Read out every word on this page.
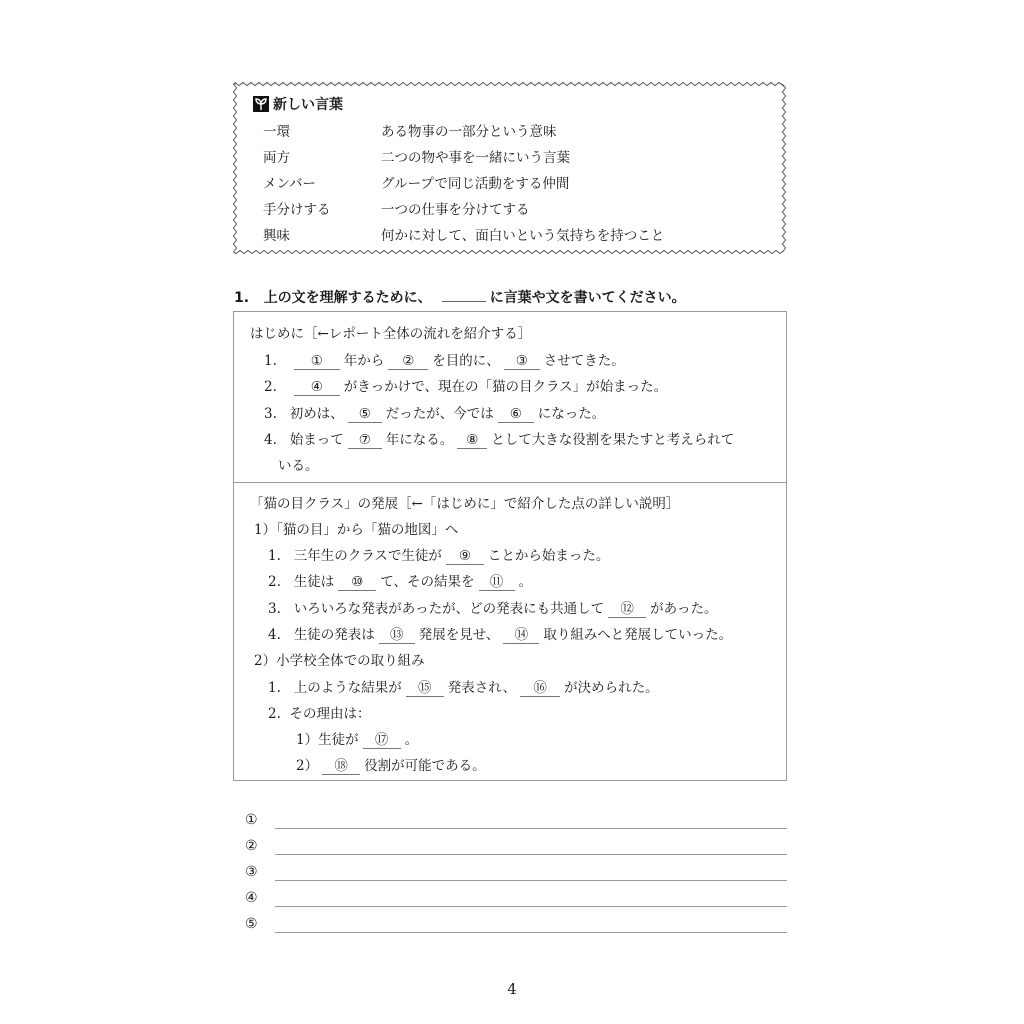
新しい言葉
一環	ある物事の一部分という意味
両方	二つの物や事を一緒にいう言葉
メンバー	グループで同じ活動をする仲間
手分けする	一つの仕事を分けてする
興味	何かに対して、面白いという気持ちを持つこと
1. 上の文を理解するために、	に言葉や文を書いてください。
はじめに［←レポート全体の流れを紹介する］
1.	① 年から ② を目的に、 ③ させてきた。
2.	④ がきっかけで、現在の「猫の目クラス」が始まった。
3. 初めは、 ⑤ だったが、今では ⑥ になった。
4. 始まって ⑦ 年になる。 ⑧ として大きな役割を果たすと考えられて
いる。
「猫の目クラス」の発展［←「はじめに」で紹介した点の詳しい説明］
1）「猫の目」から「猫の地図」へ
1. 三年生のクラスで生徒が ⑨ ことから始まった。
2. 生徒は ⑩ て、その結果を ⑪ 。
3. いろいろな発表があったが、どの発表にも共通して ⑫ があった。
4. 生徒の発表は ⑬ 発展を見せ、 ⑭ 取り組みへと発展していった。
2）小学校全体での取り組み
1. 上のような結果が ⑮ 発表され、 ⑯ が決められた。
2. その理由は：
1）生徒が ⑰ 。
2） ⑱ 役割が可能である。
①
②
③
④
⑤
4
